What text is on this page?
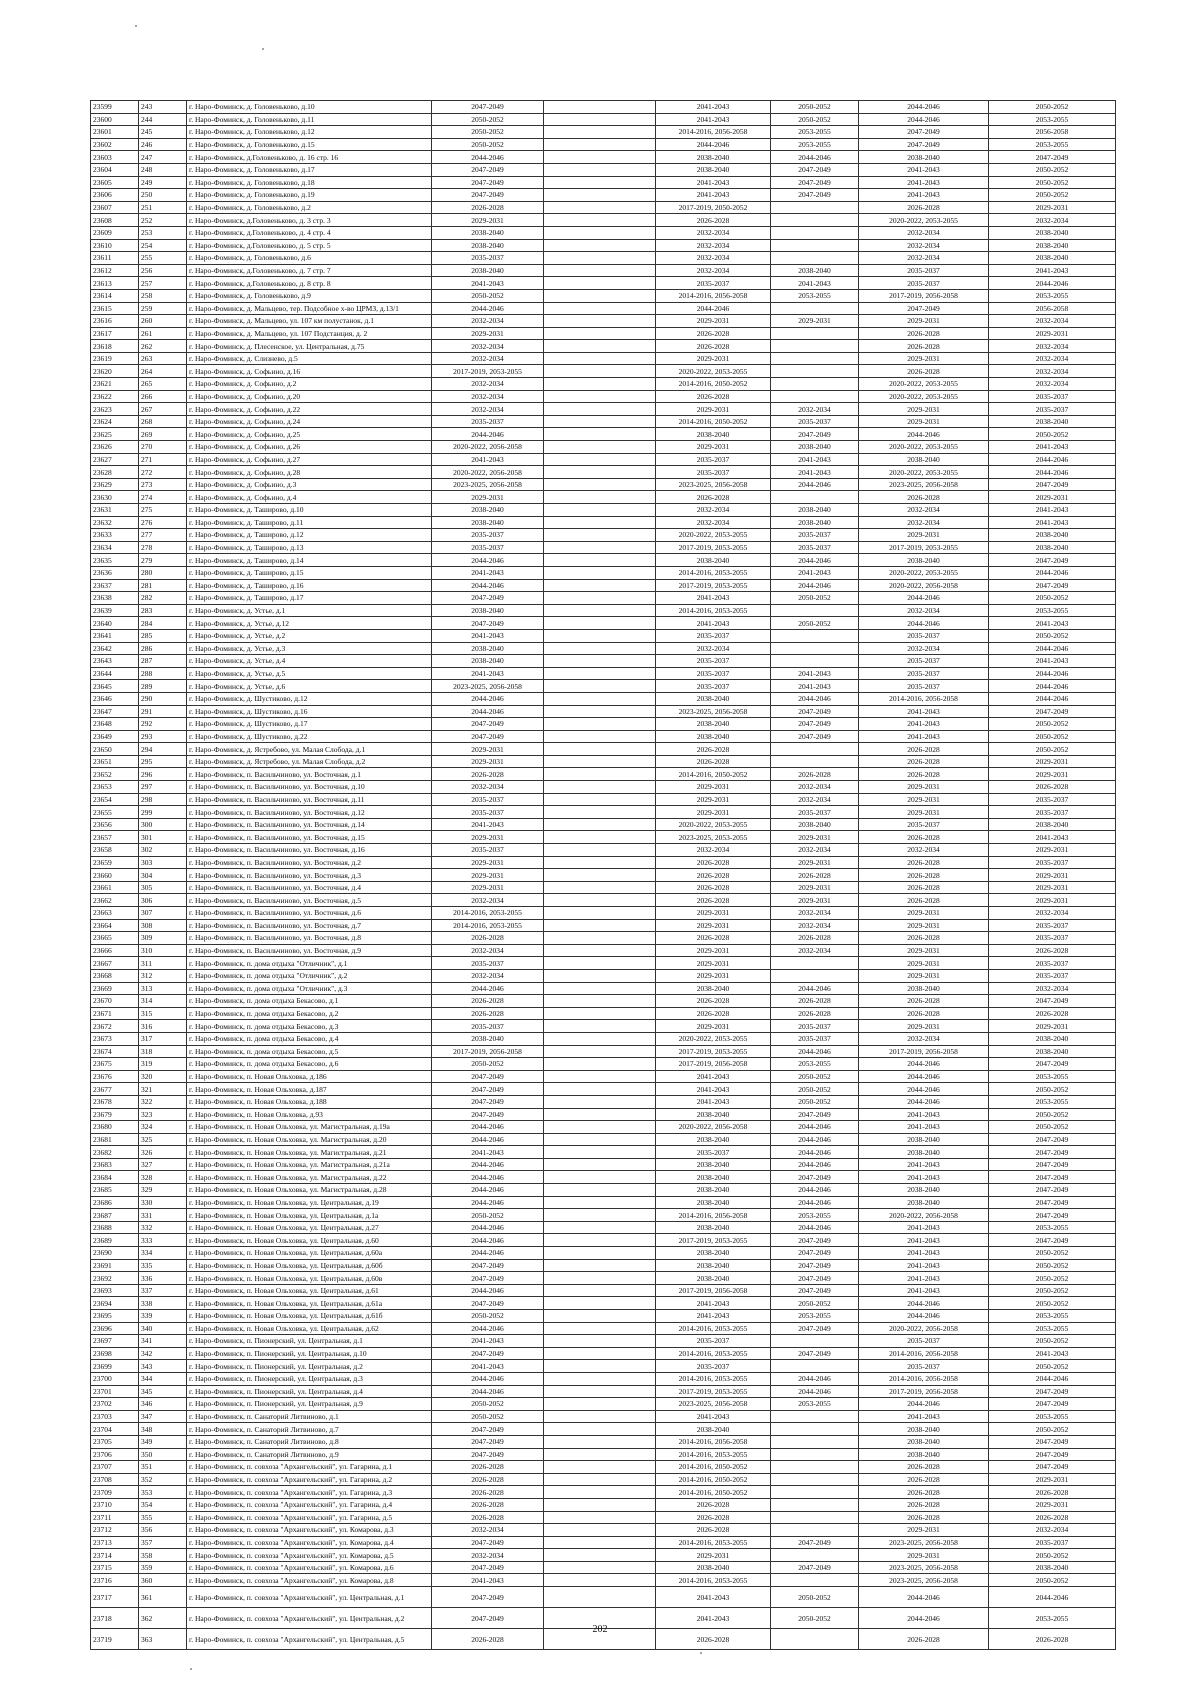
23599	243	г. Наро-Фоминск, д. Головеньково, д.10	2047-2049		2041-2043	2050-2052	2044-2046	2050-2052
23600	244	г. Наро-Фоминск, д. Головеньково, д.11	2050-2052		2041-2043	2050-2052	2044-2046	2053-2055
23601	245	г. Наро-Фоминск, д. Головеньково, д.12	2050-2052		2014-2016, 2056-2058	2053-2055	2047-2049	2056-2058
23602	246	г. Наро-Фоминск, д. Головеньково, д.15	2050-2052		2044-2046	2053-2055	2047-2049	2053-2055
23603	247	г. Наро-Фоминск, д.Головеньково, д. 16 стр. 16	2044-2046		2038-2040	2044-2046	2038-2040	2047-2049
23604	248	г. Наро-Фоминск, д. Головеньково, д.17	2047-2049		2038-2040	2047-2049	2041-2043	2050-2052
23605	249	г. Наро-Фоминск, д. Головеньково, д.18	2047-2049		2041-2043	2047-2049	2041-2043	2050-2052
23606	250	г. Наро-Фоминск, д. Головеньково, д.19	2047-2049		2041-2043	2047-2049	2041-2043	2050-2052
23607	251	г. Наро-Фоминск, д. Головеньково, д.2	2026-2028		2017-2019, 2050-2052		2026-2028	2029-2031
23608	252	г. Наро-Фоминск, д.Головеньково, д. 3 стр. 3	2029-2031		2026-2028		2020-2022, 2053-2055	2032-2034
23609	253	г. Наро-Фоминск, д.Головеньково, д. 4 стр. 4	2038-2040		2032-2034		2032-2034	2038-2040
23610	254	г. Наро-Фоминск, д.Головеньково, д. 5 стр. 5	2038-2040		2032-2034		2032-2034	2038-2040
23611	255	г. Наро-Фоминск, д. Головеньково, д.6	2035-2037		2032-2034		2032-2034	2038-2040
23612	256	г. Наро-Фоминск, д.Головеньково, д. 7 стр. 7	2038-2040		2032-2034	2038-2040	2035-2037	2041-2043
23613	257	г. Наро-Фоминск, д.Головеньково, д. 8 стр. 8	2041-2043		2035-2037	2041-2043	2035-2037	2044-2046
23614	258	г. Наро-Фоминск, д. Головеньково, д.9	2050-2052		2014-2016, 2056-2058	2053-2055	2017-2019, 2056-2058	2053-2055
23615	259	г. Наро-Фоминск, д. Мальцево, тер. Подсобное х-во ЦРМЗ, д.13/1	2044-2046		2044-2046		2047-2049	2056-2058
23616	260	г. Наро-Фоминск, д. Мальцево, ул. 107 км полустанок, д.1	2032-2034		2029-2031	2029-2031	2029-2031	2032-2034
23617	261	г. Наро-Фоминск, д. Мальцево, ул. 107 Подстанция, д. 2	2029-2031		2026-2028		2026-2028	2029-2031
23618	262	г. Наро-Фоминск, д. Плесенское, ул. Центральная, д.75	2032-2034		2026-2028		2026-2028	2032-2034
23619	263	г. Наро-Фоминск, д. Слизнево, д.5	2032-2034		2029-2031		2029-2031	2032-2034
23620	264	г. Наро-Фоминск, д. Софьино, д.16	2017-2019, 2053-2055		2020-2022, 2053-2055		2026-2028	2032-2034
23621	265	г. Наро-Фоминск, д. Софьино, д.2	2032-2034		2014-2016, 2050-2052		2020-2022, 2053-2055	2032-2034
23622	266	г. Наро-Фоминск, д. Софьино, д.20	2032-2034		2026-2028		2020-2022, 2053-2055	2035-2037
23623	267	г. Наро-Фоминск, д. Софьино, д.22	2032-2034		2029-2031	2032-2034	2029-2031	2035-2037
23624	268	г. Наро-Фоминск, д. Софьино, д.24	2035-2037		2014-2016, 2050-2052	2035-2037	2029-2031	2038-2040
23625	269	г. Наро-Фоминск, д. Софьино, д.25	2044-2046		2038-2040	2047-2049	2044-2046	2050-2052
23626	270	г. Наро-Фоминск, д. Софьино, д.26	2020-2022, 2056-2058		2029-2031	2038-2040	2020-2022, 2053-2055	2041-2043
23627	271	г. Наро-Фоминск, д. Софьино, д.27	2041-2043		2035-2037	2041-2043	2038-2040	2044-2046
23628	272	г. Наро-Фоминск, д. Софьино, д.28	2020-2022, 2056-2058		2035-2037	2041-2043	2020-2022, 2053-2055	2044-2046
23629	273	г. Наро-Фоминск, д. Софьино, д.3	2023-2025, 2056-2058		2023-2025, 2056-2058	2044-2046	2023-2025, 2056-2058	2047-2049
23630	274	г. Наро-Фоминск, д. Софьино, д.4	2029-2031		2026-2028		2026-2028	2029-2031
23631	275	г. Наро-Фоминск, д. Ташировo, д.10	2038-2040		2032-2034	2038-2040	2032-2034	2041-2043
23632	276	г. Наро-Фоминск, д. Таширово, д.11	2038-2040		2032-2034	2038-2040	2032-2034	2041-2043
23633	277	г. Наро-Фоминск, д. Таширово, д.12	2035-2037		2020-2022, 2053-2055	2035-2037	2029-2031	2038-2040
23634	278	г. Наро-Фоминск, д. Таширово, д.13	2035-2037		2017-2019, 2053-2055	2035-2037	2017-2019, 2053-2055	2038-2040
23635	279	г. Наро-Фоминск, д. Таширово, д.14	2044-2046		2038-2040	2044-2046	2038-2040	2047-2049
23636	280	г. Наро-Фоминск, д. Таширово, д.15	2041-2043		2014-2016, 2053-2055	2041-2043	2020-2022, 2053-2055	2044-2046
23637	281	г. Наро-Фоминск, д. Таширово, д.16	2044-2046		2017-2019, 2053-2055	2044-2046	2020-2022, 2056-2058	2047-2049
23638	282	г. Наро-Фоминск, д. Таширово, д.17	2047-2049		2041-2043	2050-2052	2044-2046	2050-2052
23639	283	г. Наро-Фоминск, д. Устье, д.1	2038-2040		2014-2016, 2053-2055		2032-2034	2053-2055
23640	284	г. Наро-Фоминск, д. Устье, д.12	2047-2049		2041-2043	2050-2052	2044-2046	2041-2043
23641	285	г. Наро-Фоминск, д. Устье, д.2	2041-2043		2035-2037		2035-2037	2050-2052
23642	286	г. Наро-Фоминск, д. Устье, д.3	2038-2040		2032-2034		2032-2034	2044-2046
23643	287	г. Наро-Фоминск, д. Устье, д.4	2038-2040		2035-2037		2035-2037	2041-2043
23644	288	г. Наро-Фоминск, д. Устье, д.5	2041-2043		2035-2037	2041-2043	2035-2037	2044-2046
23645	289	г. Наро-Фоминск, д. Устье, д.6	2023-2025, 2056-2058		2035-2037	2041-2043	2035-2037	2044-2046
23646	290	г. Наро-Фоминск, д. Шустиково, д.12	2044-2046		2038-2040	2044-2046	2014-2016, 2056-2058	2044-2046
23647	291	г. Наро-Фоминск, д. Шустиково, д.16	2044-2046		2023-2025, 2056-2058	2047-2049	2041-2043	2047-2049
23648	292	г. Наро-Фоминск, д. Шустиково, д.17	2047-2049		2038-2040	2047-2049	2041-2043	2050-2052
23649	293	г. Наро-Фоминск, д. Шустиково, д.22	2047-2049		2038-2040	2047-2049	2041-2043	2050-2052
23650	294	г. Наро-Фоминск, д. Ястребово, ул. Малая Слобода, д.1	2029-2031		2026-2028		2026-2028	2050-2052
23651	295	г. Наро-Фоминск, д. Ястребово, ул. Малая Слобода, д.2	2029-2031		2026-2028		2026-2028	2029-2031
23652	296	г. Наро-Фоминск, п. Васильчиново, ул. Восточная, д.1	2026-2028		2014-2016, 2050-2052	2026-2028	2026-2028	2029-2031
23653	297	г. Наро-Фоминск, п. Васильчиново, ул. Восточная, д.10	2032-2034		2029-2031	2032-2034	2029-2031	2026-2028
23654	298	г. Наро-Фоминск, п. Васильчиново, ул. Восточная, д.11	2035-2037		2029-2031	2032-2034	2029-2031	2035-2037
23655	299	г. Наро-Фоминск, п. Васильчиново, ул. Восточная, д.12	2035-2037		2029-2031	2035-2037	2029-2031	2035-2037
23656	300	г. Наро-Фоминск, п. Васильчиново, ул. Восточная, д.14	2041-2043		2020-2022, 2053-2055	2038-2040	2035-2037	2038-2040
23657	301	г. Наро-Фоминск, п. Васильчиново, ул. Восточная, д.15	2029-2031		2023-2025, 2053-2055	2029-2031	2026-2028	2041-2043
23658	302	г. Наро-Фоминск, п. Васильчиново, ул. Восточная, д.16	2035-2037		2032-2034	2032-2034	2032-2034	2029-2031
23659	303	г. Наро-Фоминск, п. Васильчиново, ул. Восточная, д.2	2029-2031		2026-2028	2029-2031	2026-2028	2035-2037
23660	304	г. Наро-Фоминск, п. Васильчиново, ул. Восточная, д.3	2029-2031		2026-2028	2026-2028	2026-2028	2029-2031
23661	305	г. Наро-Фоминск, п. Васильчиново, ул. Восточная, д.4	2029-2031		2026-2028	2029-2031	2026-2028	2029-2031
23662	306	г. Наро-Фоминск, п. Васильчиново, ул. Восточная, д.5	2032-2034		2026-2028	2029-2031	2026-2028	2029-2031
23663	307	г. Наро-Фоминск, п. Васильчиново, ул. Восточная, д.6	2014-2016, 2053-2055		2029-2031	2032-2034	2029-2031	2032-2034
23664	308	г. Наро-Фоминск, п. Васильчиново, ул. Восточная, д.7	2014-2016, 2053-2055		2029-2031	2032-2034	2029-2031	2035-2037
23665	309	г. Наро-Фоминск, п. Васильчиново, ул. Восточная, д.8	2026-2028		2026-2028	2026-2028	2026-2028	2035-2037
23666	310	г. Наро-Фоминск, п. Васильчиново, ул. Восточная, д.9	2032-2034		2029-2031	2032-2034	2029-2031	2026-2028
23667	311	г. Наро-Фоминск, п. дома отдыха "Отличник", д.1	2035-2037		2029-2031		2029-2031	2035-2037
23668	312	г. Наро-Фоминск, п. дома отдыха "Отличник", д.2	2032-2034		2029-2031		2029-2031	2035-2037
23669	313	г. Наро-Фоминск, п. дома отдыха "Отличник", д.3	2044-2046		2038-2040	2044-2046	2038-2040	2032-2034
23670	314	г. Наро-Фоминск, п. дома отдыха Бекасово, д.1	2026-2028		2026-2028	2026-2028	2026-2028	2047-2049
23671	315	г. Наро-Фоминск, п. дома отдыха Бекасово, д.2	2026-2028		2026-2028	2026-2028	2026-2028	2026-2028
23672	316	г. Наро-Фоминск, п. дома отдыха Бекасово, д.3	2035-2037		2029-2031	2035-2037	2029-2031	2029-2031
23673	317	г. Наро-Фоминск, п. дома отдыха Бекасово, д.4	2038-2040		2020-2022, 2053-2055	2035-2037	2032-2034	2038-2040
23674	318	г. Наро-Фоминск, п. дома отдыха Бекасово, д.5	2017-2019, 2056-2058		2017-2019, 2053-2055	2044-2046	2017-2019, 2056-2058	2038-2040
23675	319	г. Наро-Фоминск, п. дома отдыха Бекасово, д.6	2050-2052		2017-2019, 2056-2058	2053-2055	2044-2046	2047-2049
23676	320	г. Наро-Фоминск, п. Новая Ольховка, д.186	2047-2049		2041-2043	2050-2052	2044-2046	2053-2055
23677	321	г. Наро-Фоминск, п. Новая Ольховка, д.187	2047-2049		2041-2043	2050-2052	2044-2046	2050-2052
23678	322	г. Наро-Фоминск, п. Новая Ольховка, д.188	2047-2049		2041-2043	2050-2052	2044-2046	2053-2055
23679	323	г. Наро-Фоминск, п. Новая Ольховка, д.93	2047-2049		2038-2040	2047-2049	2041-2043	2050-2052
23680	324	г. Наро-Фоминск, п. Новая Ольховка, ул. Магистральная, д.19а	2044-2046		2020-2022, 2056-2058	2044-2046	2041-2043	2050-2052
23681	325	г. Наро-Фоминск, п. Новая Ольховка, ул. Магистральная, д.20	2044-2046		2038-2040	2044-2046	2038-2040	2047-2049
23682	326	г. Наро-Фоминск, п. Новая Ольховка, ул. Магистральная, д.21	2041-2043		2035-2037	2044-2046	2038-2040	2047-2049
23683	327	г. Наро-Фоминск, п. Новая Ольховка, ул. Магистральная, д.21а	2044-2046		2038-2040	2044-2046	2041-2043	2047-2049
23684	328	г. Наро-Фоминск, п. Новая Ольховка, ул. Магистральная, д.22	2044-2046		2038-2040	2047-2049	2041-2043	2047-2049
23685	329	г. Наро-Фоминск, п. Новая Ольховка, ул. Магистральная, д.28	2044-2046		2038-2040	2044-2046	2038-2040	2047-2049
23686	330	г. Наро-Фоминск, п. Новая Ольховка, ул. Центральная, д.19	2044-2046		2038-2040	2044-2046	2038-2040	2047-2049
23687	331	г. Наро-Фоминск, п. Новая Ольховка, ул. Центральная, д.1а	2050-2052		2014-2016, 2056-2058	2053-2055	2020-2022, 2056-2058	2047-2049
23688	332	г. Наро-Фоминск, п. Новая Ольховка, ул. Центральная, д.27	2044-2046		2038-2040	2044-2046	2041-2043	2053-2055
23689	333	г. Наро-Фоминск, п. Новая Ольховка, ул. Центральная, д.60	2044-2046		2017-2019, 2053-2055	2047-2049	2041-2043	2047-2049
23690	334	г. Наро-Фоминск, п. Новая Ольховка, ул. Центральная, д.60а	2044-2046		2038-2040	2047-2049	2041-2043	2050-2052
23691	335	г. Наро-Фоминск, п. Новая Ольховка, ул. Центральная, д.60б	2047-2049		2038-2040	2047-2049	2041-2043	2050-2052
23692	336	г. Наро-Фоминск, п. Новая Ольховка, ул. Центральная, д.60в	2047-2049		2038-2040	2047-2049	2041-2043	2050-2052
23693	337	г. Наро-Фоминск, п. Новая Ольховка, ул. Центральная, д.61	2044-2046		2017-2019, 2056-2058	2047-2049	2041-2043	2050-2052
23694	338	г. Наро-Фоминск, п. Новая Ольховка, ул. Центральная, д.61а	2047-2049		2041-2043	2050-2052	2044-2046	2050-2052
23695	339	г. Наро-Фоминск, п. Новая Ольховка, ул. Центральная, д.61б	2050-2052		2041-2043	2053-2055	2044-2046	2053-2055
23696	340	г. Наро-Фоминск, п. Новая Ольховка, ул. Центральная, д.62	2044-2046		2014-2016, 2053-2055	2047-2049	2020-2022, 2056-2058	2053-2055
23697	341	г. Наро-Фоминск, п. Пионерский, ул. Центральная, д.1	2041-2043		2035-2037		2035-2037	2050-2052
23698	342	г. Наро-Фоминск, п. Пионерский, ул. Центральная, д.10	2047-2049		2014-2016, 2053-2055	2047-2049	2014-2016, 2056-2058	2041-2043
23699	343	г. Наро-Фоминск, п. Пионерский, ул. Центральная, д.2	2041-2043		2035-2037		2035-2037	2050-2052
23700	344	г. Наро-Фоминск, п. Пионерский, ул. Центральная, д.3	2044-2046		2014-2016, 2053-2055	2044-2046	2014-2016, 2056-2058	2044-2046
23701	345	г. Наро-Фоминск, п. Пионерский, ул. Центральная, д.4	2044-2046		2017-2019, 2053-2055	2044-2046	2017-2019, 2056-2058	2047-2049
23702	346	г. Наро-Фоминск, п. Пионерский, ул. Центральная, д.9	2050-2052		2023-2025, 2056-2058	2053-2055	2044-2046	2047-2049
23703	347	г. Наро-Фоминск, п. Санаторий Литвиново, д.1	2050-2052		2041-2043		2041-2043	2053-2055
23704	348	г. Наро-Фоминск, п. Санаторий Литвиново, д.7	2047-2049		2038-2040		2038-2040	2050-2052
23705	349	г. Наро-Фоминск, п. Санаторий Литвиново, д.8	2047-2049		2014-2016, 2056-2058		2038-2040	2047-2049
23706	350	г. Наро-Фоминск, п. Санаторий Литвиново, д.9	2047-2049		2014-2016, 2053-2055		2038-2040	2047-2049
23707	351	г. Наро-Фоминск, п. совхоза "Архангельский", ул. Гагарина, д.1	2026-2028		2014-2016, 2050-2052		2026-2028	2047-2049
23708	352	г. Наро-Фоминск, п. совхоза "Архангельский", ул. Гагарина, д.2	2026-2028		2014-2016, 2050-2052		2026-2028	2029-2031
23709	353	г. Наро-Фоминск, п. совхоза "Архангельский", ул. Гагарина, д.3	2026-2028		2014-2016, 2050-2052		2026-2028	2026-2028
23710	354	г. Наро-Фоминск, п. совхоза "Архангельский", ул. Гагарина, д.4	2026-2028		2026-2028		2026-2028	2029-2031
23711	355	г. Наро-Фоминск, п. совхоза "Архангельский", ул. Гагарина, д.5	2026-2028		2026-2028		2026-2028	2026-2028
23712	356	г. Наро-Фоминск, п. совхоза "Архангельский", ул. Комарова, д.3	2032-2034		2026-2028		2029-2031	2032-2034
23713	357	г. Наро-Фоминск, п. совхоза "Архангельский", ул. Комарова, д.4	2047-2049		2014-2016, 2053-2055	2047-2049	2023-2025, 2056-2058	2035-2037
23714	358	г. Наро-Фоминск, п. совхоза "Архангельский", ул. Комарова, д.5	2032-2034		2029-2031		2029-2031	2050-2052
23715	359	г. Наро-Фоминск, п. совхоза "Архангельский", ул. Комарова, д.6	2047-2049		2038-2040	2047-2049	2023-2025, 2056-2058	2038-2040
23716	360	г. Наро-Фоминск, п. совхоза "Архангельский", ул. Комарова, д.8	2041-2043		2014-2016, 2053-2055		2023-2025, 2056-2058	2050-2052
23717	361	г. Наро-Фоминск, п. совхоза "Архангельский", ул. Центральная, д.1	2047-2049		2041-2043	2050-2052	2044-2046	2044-2046
23718	362	г. Наро-Фоминск, п. совхоза "Архангельский", ул. Центральная, д.2	2047-2049		2041-2043	2050-2052	2044-2046	2053-2055
23719	363	г. Наро-Фоминск, п. совхоза "Архангельский", ул. Центральная, д.5	2026-2028		2026-2028		2026-2028	2026-2028
202
